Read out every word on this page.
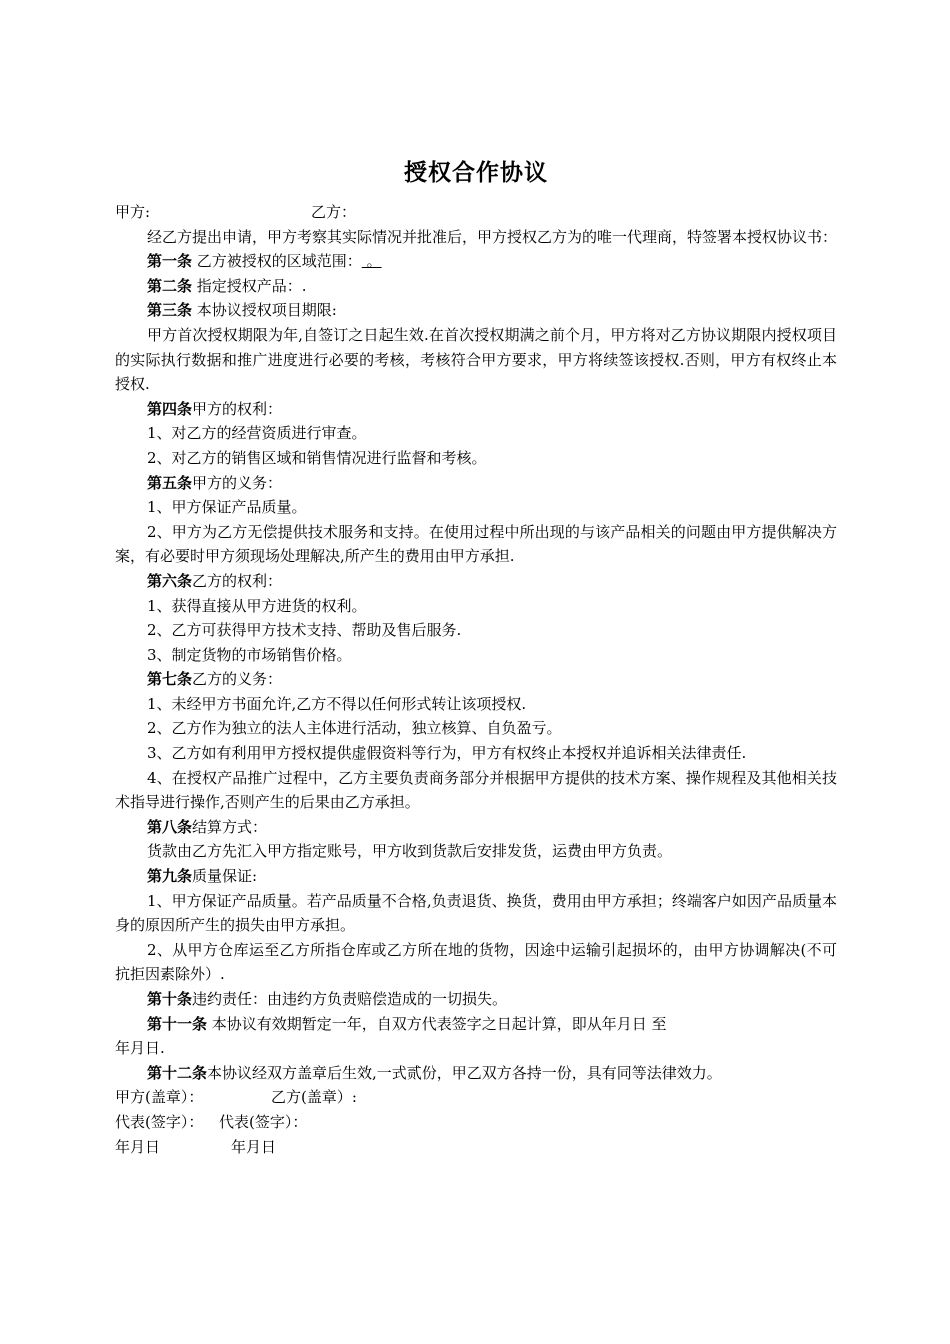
授权合作协议

甲方:	乙方：

经乙方提出申请，甲方考察其实际情况并批准后，甲方授权乙方为的唯一代理商，特签署本授权协议书：

第一条 乙方被授权的区域范围： 。

第二条 指定授权产品：.

第三条 本协议授权项目期限:

甲方首次授权期限为年,自签订之日起生效.在首次授权期满之前个月，甲方将对乙方协议期限内授权项目的实际执行数据和推广进度进行必要的考核，考核符合甲方要求，甲方将续签该授权.否则，甲方有权终止本授权.

第四条甲方的权利：

1、对乙方的经营资质进行审查。

2、对乙方的销售区域和销售情况进行监督和考核。

第五条甲方的义务：

1、甲方保证产品质量。

2、甲方为乙方无偿提供技术服务和支持。在使用过程中所出现的与该产品相关的问题由甲方提供解决方案，有必要时甲方须现场处理解决,所产生的费用由甲方承担.

第六条乙方的权利：

1、获得直接从甲方进货的权利。

2、乙方可获得甲方技术支持、帮助及售后服务.

3、制定货物的市场销售价格。

第七条乙方的义务：

1、未经甲方书面允许,乙方不得以任何形式转让该项授权.

2、乙方作为独立的法人主体进行活动，独立核算、自负盈亏。

3、乙方如有利用甲方授权提供虚假资料等行为，甲方有权终止本授权并追诉相关法律责任.

4、在授权产品推广过程中，乙方主要负责商务部分并根据甲方提供的技术方案、操作规程及其他相关技术指导进行操作,否则产生的后果由乙方承担。

第八条结算方式：

货款由乙方先汇入甲方指定账号，甲方收到货款后安排发货，运费由甲方负责。

第九条质量保证:

1、甲方保证产品质量。若产品质量不合格,负责退货、换货，费用由甲方承担；终端客户如因产品质量本身的原因所产生的损失由甲方承担。

2、从甲方仓库运至乙方所指仓库或乙方所在地的货物，因途中运输引起损坏的，由甲方协调解决(不可抗拒因素除外）.

第十条违约责任：由违约方负责赔偿造成的一切损失。

第十一条 本协议有效期暂定一年，自双方代表签字之日起计算，即从年月日 至

年月日.

第十二条本协议经双方盖章后生效,一式贰份，甲乙双方各持一份，具有同等法律效力。

甲方(盖章）：	乙方(盖章）:

代表(签字）： 代表(签字）：

年月日	年月日
